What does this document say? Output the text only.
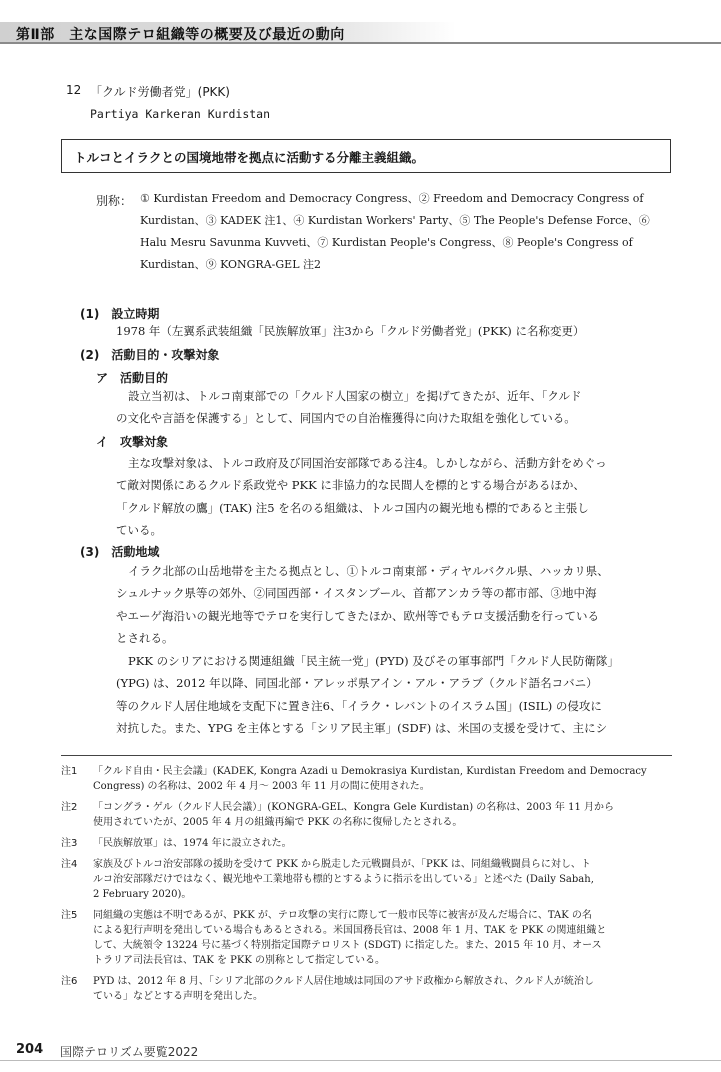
第Ⅱ部　主な国際テロ組織等の概要及び最近の動向
12 「クルド労働者党」(PKK)
Partiya Karkeran Kurdistan
トルコとイラクとの国境地帯を拠点に活動する分離主義組織。
別称： ① Kurdistan Freedom and Democracy Congress、② Freedom and Democracy Congress of
Kurdistan、③ KADEK 注1、④ Kurdistan Workers' Party、⑤ The People's Defense Force、⑥
Halu Mesru Savunma Kuvveti、⑦ Kurdistan People's Congress、⑧ People's Congress of
Kurdistan、⑨ KONGRA-GEL 注2
(1)　設立時期
1978 年（左翼系武装組織「民族解放軍」注3から「クルド労働者党」(PKK) に名称変更）
(2)　活動目的・攻撃対象
ア　活動目的
設立当初は、トルコ南東部での「クルド人国家の樹立」を掲げてきたが、近年、「クルド
の文化や言語を保護する」として、同国内での自治権獲得に向けた取組を強化している。
イ　攻撃対象
主な攻撃対象は、トルコ政府及び同国治安部隊である注4。しかしながら、活動方針をめぐっ
て敵対関係にあるクルド系政党や PKK に非協力的な民間人を標的とする場合があるほか、
「クルド解放の鷹」(TAK) 注5 を名のる組織は、トルコ国内の観光地も標的であると主張し
ている。
(3)　活動地域
イラク北部の山岳地帯を主たる拠点とし、①トルコ南東部・ディヤルバクル県、ハッカリ県、
シュルナック県等の郊外、②同国西部・イスタンブール、首都アンカラ等の都市部、③地中海
やエーゲ海沿いの観光地等でテロを実行してきたほか、欧州等でもテロ支援活動を行っている
とされる。
PKK のシリアにおける関連組織「民主統一党」(PYD) 及びその軍事部門「クルド人民防衛隊」
(YPG) は、2012 年以降、同国北部・アレッポ県アイン・アル・アラブ（クルド語名コバニ）
等のクルド人居住地域を支配下に置き注6、「イラク・レバントのイスラム国」(ISIL) の侵攻に
対抗した。また、YPG を主体とする「シリア民主軍」(SDF) は、米国の支援を受けて、主にシ
注1 「クルド自由・民主会議」(KADEK, Kongra Azadi u Demokrasiya Kurdistan, Kurdistan Freedom and Democracy
Congress) の名称は、2002 年 4 月～ 2003 年 11 月の間に使用された。
注2 「コングラ・ゲル（クルド人民会議）」(KONGRA-GEL、Kongra Gele Kurdistan) の名称は、2003 年 11 月から
使用されていたが、2005 年 4 月の組織再編で PKK の名称に復帰したとされる。
注3 「民族解放軍」は、1974 年に設立された。
注4 家族及びトルコ治安部隊の援助を受けて PKK から脱走した元戦闘員が、「PKK は、同組織戦闘員らに対し、ト
ルコ治安部隊だけではなく、観光地や工業地帯も標的とするように指示を出している」と述べた (Daily Sabah,
2 February 2020)。
注5 同組織の実態は不明であるが、PKK が、テロ攻撃の実行に際して一般市民等に被害が及んだ場合に、TAK の名
による犯行声明を発出している場合もあるとされる。米国国務長官は、2008 年 1 月、TAK を PKK の関連組織と
して、大統領令 13224 号に基づく特別指定国際テロリスト (SDGT) に指定した。また、2015 年 10 月、オース
トラリア司法長官は、TAK を PKK の別称として指定している。
注6 PYD は、2012 年 8 月、「シリア北部のクルド人居住地域は同国のアサド政権から解放され、クルド人が統治し
ている」などとする声明を発出した。
204 国際テロリズム要覧2022
